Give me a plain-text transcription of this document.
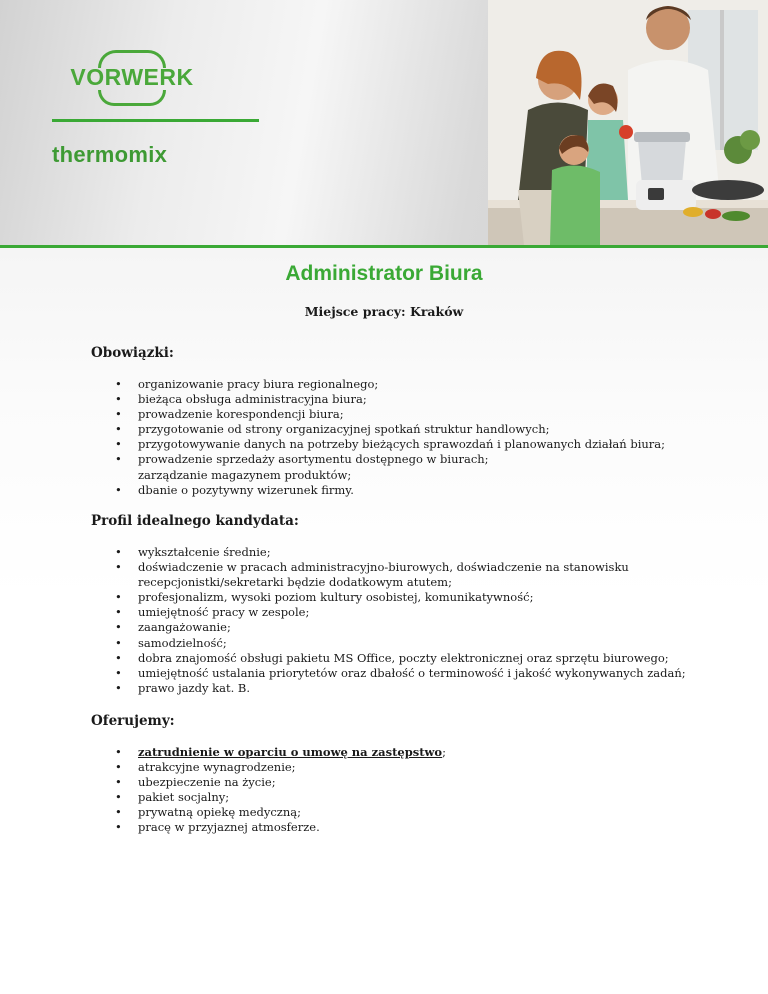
VORWERK
thermomix
Administrator Biura
Miejsce pracy: Kraków
Obowiązki:
• organizowanie pracy biura regionalnego;
• bieżąca obsługa administracyjna biura;
• prowadzenie korespondencji biura;
• przygotowanie od strony organizacyjnej spotkań struktur handlowych;
• przygotowywanie danych na potrzeby bieżących sprawozdań i planowanych działań biura;
• prowadzenie sprzedaży asortymentu dostępnego w biurach;
zarządzanie magazynem produktów;
• dbanie o pozytywny wizerunek firmy.
Profil idealnego kandydata:
• wykształcenie średnie;
• doświadczenie w pracach administracyjno-biurowych, doświadczenie na stanowisku
recepcjonistki/sekretarki będzie dodatkowym atutem;
• profesjonalizm, wysoki poziom kultury osobistej, komunikatywność;
• umiejętność pracy w zespole;
• zaangażowanie;
• samodzielność;
• dobra znajomość obsługi pakietu MS Office, poczty elektronicznej oraz sprzętu biurowego;
• umiejętność ustalania priorytetów oraz dbałość o terminowość i jakość wykonywanych zadań;
• prawo jazdy kat. B.
Oferujemy:
• zatrudnienie w oparciu o umowę na zastępstwo;
• atrakcyjne wynagrodzenie;
• ubezpieczenie na życie;
• pakiet socjalny;
• prywatną opiekę medyczną;
• pracę w przyjaznej atmosferze.
